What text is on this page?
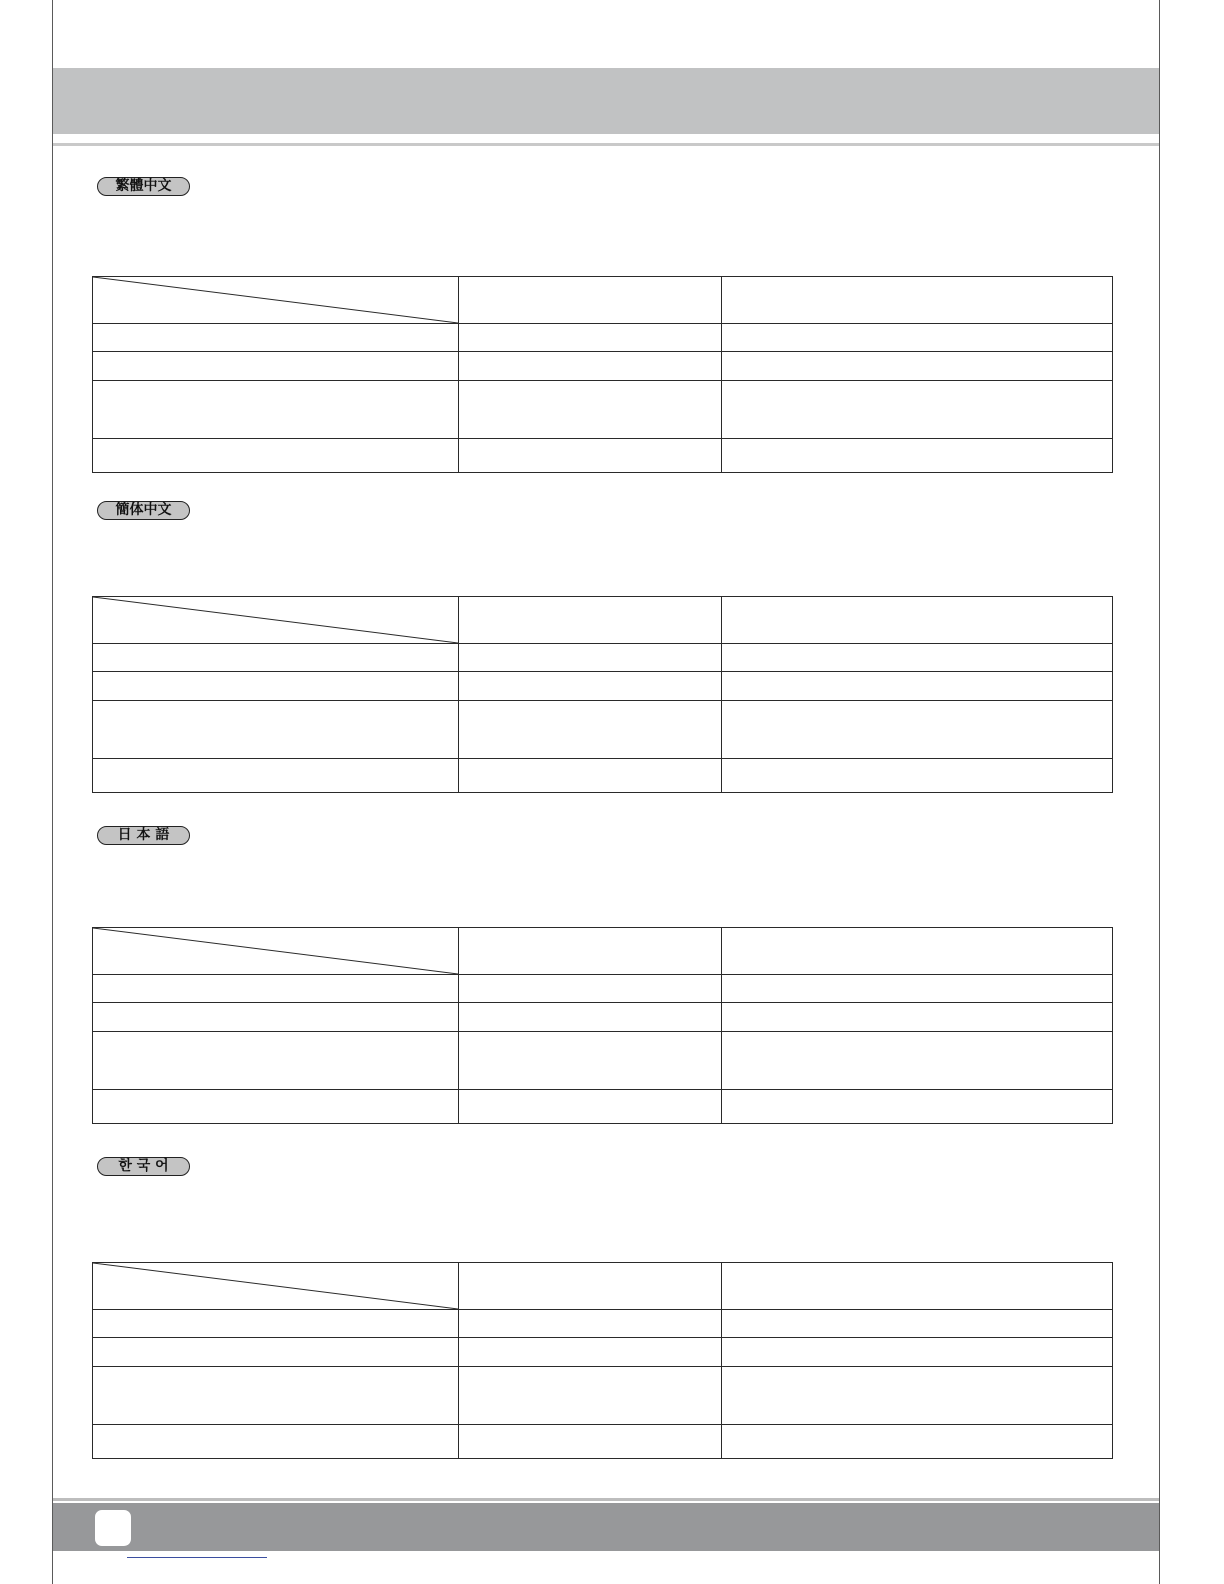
繁體中文

簡体中文

日 本 語

한 국 어
